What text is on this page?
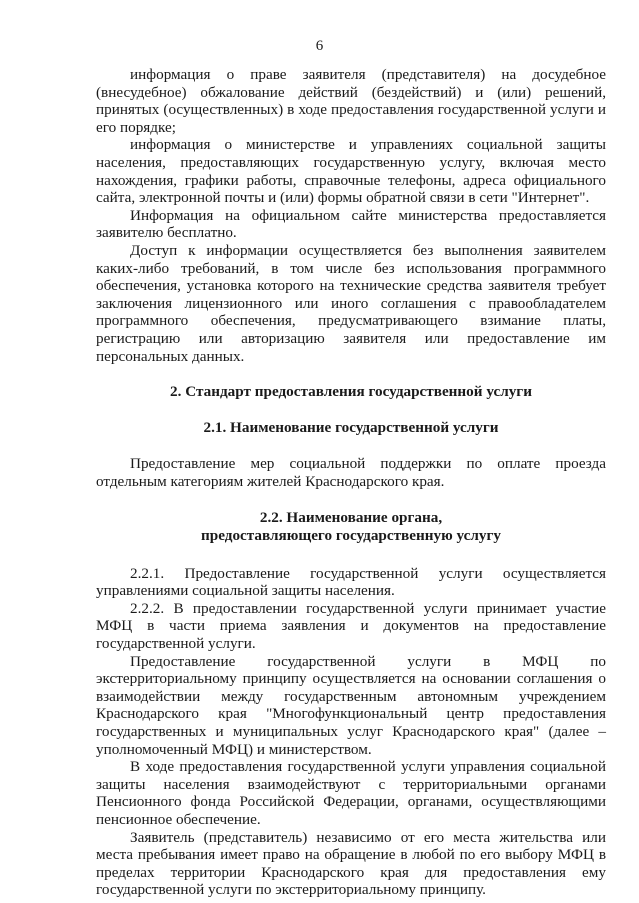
6

информация о праве заявителя (представителя) на досудебное (внесудебное) обжалование действий (бездействий) и (или) решений, принятых (осуществленных) в ходе предоставления государственной услуги и его порядке;

информация о министерстве и управлениях социальной защиты населения, предоставляющих государственную услугу, включая место нахождения, графики работы, справочные телефоны, адреса официального сайта, электронной почты и (или) формы обратной связи в сети "Интернет".

Информация на официальном сайте министерства предоставляется заявителю бесплатно.

Доступ к информации осуществляется без выполнения заявителем каких-либо требований, в том числе без использования программного обеспечения, установка которого на технические средства заявителя требует заключения лицензионного или иного соглашения с правообладателем программного обеспечения, предусматривающего взимание платы, регистрацию или авторизацию заявителя или предоставление им персональных данных.

2. Стандарт предоставления государственной услуги
2.1. Наименование государственной услуги

Предоставление мер социальной поддержки по оплате проезда отдельным категориям жителей Краснодарского края.

2.2. Наименование органа,
предоставляющего государственную услугу

2.2.1. Предоставление государственной услуги осуществляется управлениями социальной защиты населения.

2.2.2. В предоставлении государственной услуги принимает участие МФЦ в части приема заявления и документов на предоставление государственной услуги.

Предоставление государственной услуги в МФЦ по экстерриториальному принципу осуществляется на основании соглашения о взаимодействии между государственным автономным учреждением Краснодарского края "Многофункциональный центр предоставления государственных и муниципальных услуг Краснодарского края" (далее – уполномоченный МФЦ) и министерством.

В ходе предоставления государственной услуги управления социальной защиты населения взаимодействуют с территориальными органами Пенсионного фонда Российской Федерации, органами, осуществляющими пенсионное обеспечение.

Заявитель (представитель) независимо от его места жительства или места пребывания имеет право на обращение в любой по его выбору МФЦ в пределах территории Краснодарского края для предоставления ему государственной услуги по экстерриториальному принципу.
